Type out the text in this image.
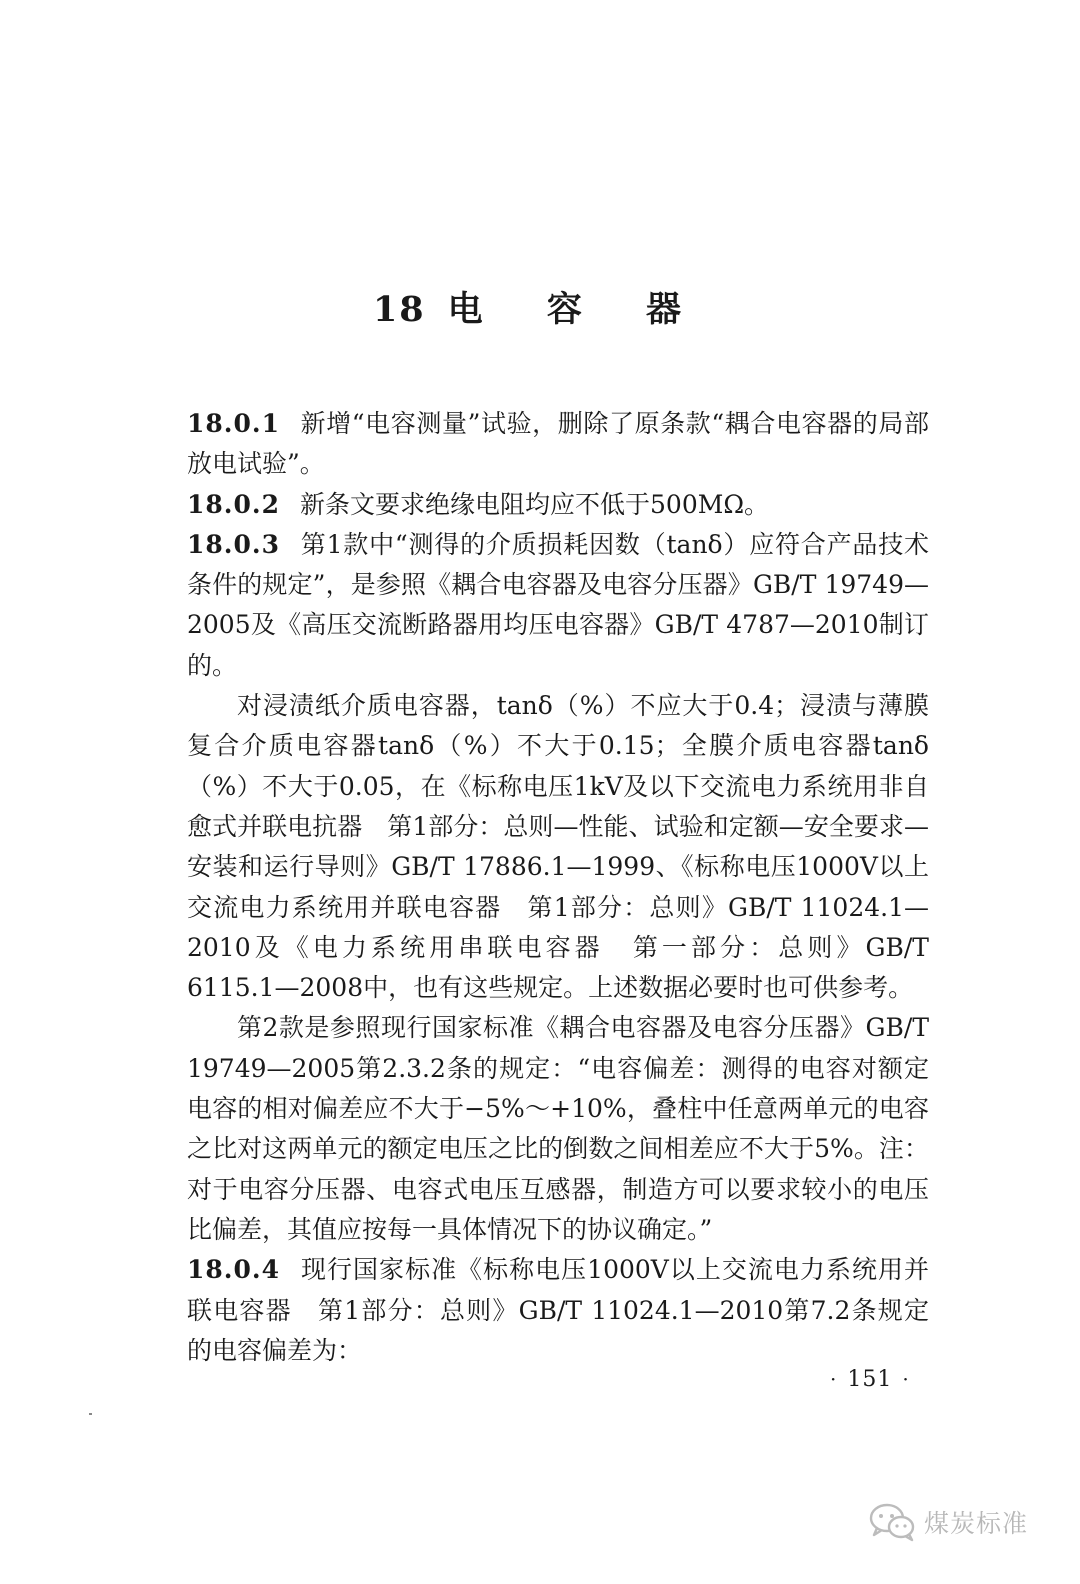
18 电 容 器

18.0.1 新增“电容测量”试验，删除了原条款“耦合电容器的局部放电试验”。

18.0.2 新条文要求绝缘电阻均应不低于500MΩ。

18.0.3 第1款中“测得的介质损耗因数（tanδ）应符合产品技术条件的规定”，是参照《耦合电容器及电容分压器》GB/T 19749—2005及《高压交流断路器用均压电容器》GB/T 4787—2010制订的。

对浸渍纸介质电容器，tanδ（%）不应大于0.4；浸渍与薄膜复合介质电容器tanδ（%）不大于0.15；全膜介质电容器tanδ（%）不大于0.05，在《标称电压1kV及以下交流电力系统用非自愈式并联电抗器　第1部分：总则—性能、试验和定额—安全要求—安装和运行导则》GB/T 17886.1—1999、《标称电压1000V以上交流电力系统用并联电容器　第1部分：总则》GB/T 11024.1—2010及《电力系统用串联电容器　第一部分：总则》GB/T 6115.1—2008中，也有这些规定。上述数据必要时也可供参考。

第2款是参照现行国家标准《耦合电容器及电容分压器》GB/T 19749—2005第2.3.2条的规定：“电容偏差：测得的电容对额定电容的相对偏差应不大于−5%～+10%，叠柱中任意两单元的电容之比对这两单元的额定电压之比的倒数之间相差应不大于5%。注：对于电容分压器、电容式电压互感器，制造方可以要求较小的电压比偏差，其值应按每一具体情况下的协议确定。”

18.0.4 现行国家标准《标称电压1000V以上交流电力系统用并联电容器　第1部分：总则》GB/T 11024.1—2010第7.2条规定的电容偏差为：

· 151 ·
煤炭标准
